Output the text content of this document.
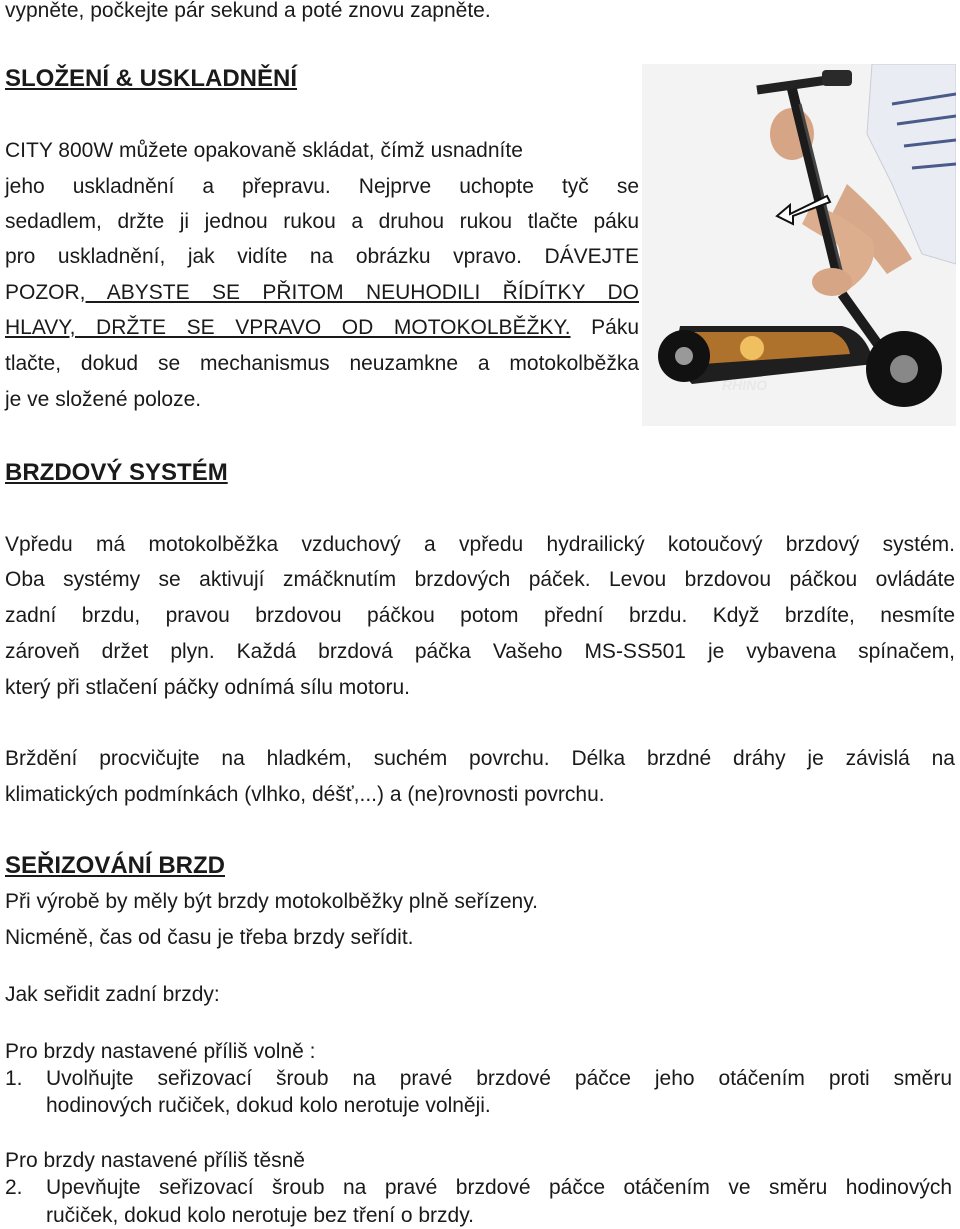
vypněte, počkejte pár sekund a poté znovu zapněte.
SLOŽENÍ & USKLADNĚNÍ
CITY 800W můžete opakovaně skládat, čímž usnadníte
jeho uskladnění a přepravu. Nejprve uchopte tyč se
sedadlem, držte ji jednou rukou a druhou rukou tlačte páku
pro uskladnění, jak vidíte na obrázku vpravo. DÁVEJTE
POZOR, ABYSTE SE PŘITOM NEUHODILI ŘÍDÍTKY DO
HLAVY, DRŽTE SE VPRAVO OD MOTOKOLBĚŽKY. Páku
tlačte, dokud se mechanismus neuzamkne a motokolběžka
je ve složené poloze.
RHINO
BRZDOVÝ SYSTÉM
Vpředu má motokolběžka vzduchový a vpředu hydrailický kotoučový brzdový systém.
Oba systémy se aktivují zmáčknutím brzdových páček. Levou brzdovou páčkou ovládáte
zadní brzdu, pravou brzdovou páčkou potom přední brzdu. Když brzdíte, nesmíte
zároveň držet plyn. Každá brzdová páčka Vašeho MS-SS501 je vybavena spínačem,
který při stlačení páčky odnímá sílu motoru.
Brždění procvičujte na hladkém, suchém povrchu. Délka brzdné dráhy je závislá na
klimatických podmínkách (vlhko, déšť,...) a (ne)rovnosti povrchu.
SEŘIZOVÁNÍ BRZD
Při výrobě by měly být brzdy motokolběžky plně seřízeny.
Nicméně, čas od času je třeba brzdy seřídit.
Jak seřidit zadní brzdy:
Pro brzdy nastavené příliš volně :
1. Uvolňujte seřizovací šroub na pravé brzdové páčce jeho otáčením proti směru
hodinových ručiček, dokud kolo nerotuje volněji.
Pro brzdy nastavené příliš těsně
2. Upevňujte seřizovací šroub na pravé brzdové páčce otáčením ve směru hodinových
ručiček, dokud kolo nerotuje bez tření o brzdy.
